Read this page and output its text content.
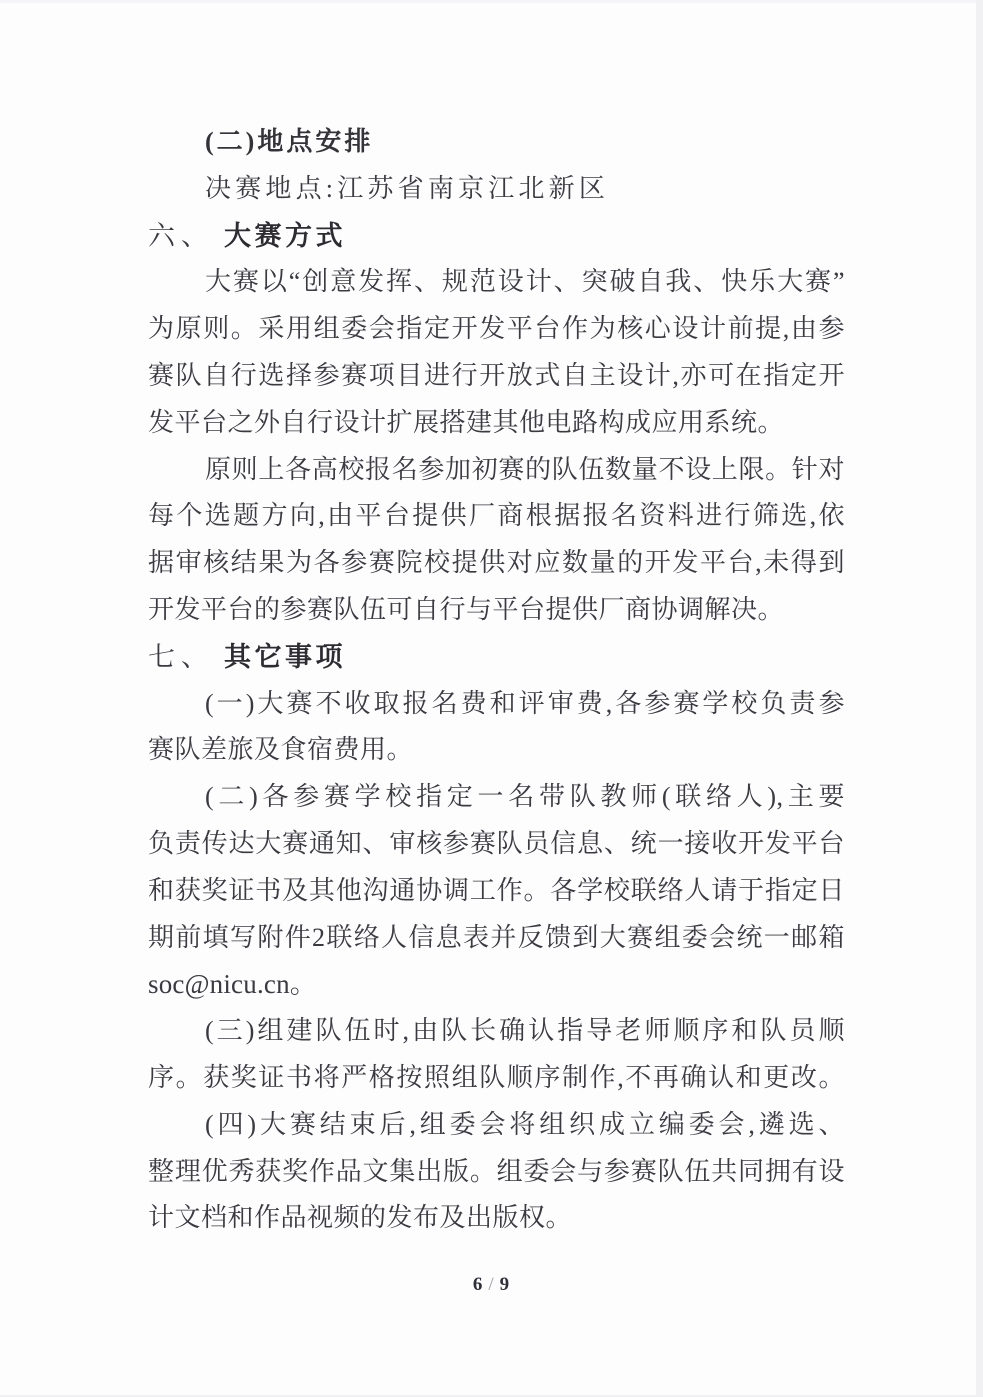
(二)地点安排
决赛地点:江苏省南京江北新区
六、 大赛方式
大赛以“创意发挥、规范设计、突破自我、快乐大赛”
为原则。采用组委会指定开发平台作为核心设计前提,由参
赛队自行选择参赛项目进行开放式自主设计,亦可在指定开
发平台之外自行设计扩展搭建其他电路构成应用系统。
原则上各高校报名参加初赛的队伍数量不设上限。针对
每个选题方向,由平台提供厂商根据报名资料进行筛选,依
据审核结果为各参赛院校提供对应数量的开发平台,未得到
开发平台的参赛队伍可自行与平台提供厂商协调解决。
七、 其它事项
(一)大赛不收取报名费和评审费,各参赛学校负责参
赛队差旅及食宿费用。
(二)各参赛学校指定一名带队教师(联络人),主要
负责传达大赛通知、审核参赛队员信息、统一接收开发平台
和获奖证书及其他沟通协调工作。各学校联络人请于指定日
期前填写附件2联络人信息表并反馈到大赛组委会统一邮箱
soc@nicu.cn。
(三)组建队伍时,由队长确认指导老师顺序和队员顺
序。获奖证书将严格按照组队顺序制作,不再确认和更改。
(四)大赛结束后,组委会将组织成立编委会,遴选、
整理优秀获奖作品文集出版。组委会与参赛队伍共同拥有设
计文档和作品视频的发布及出版权。
6 / 9
